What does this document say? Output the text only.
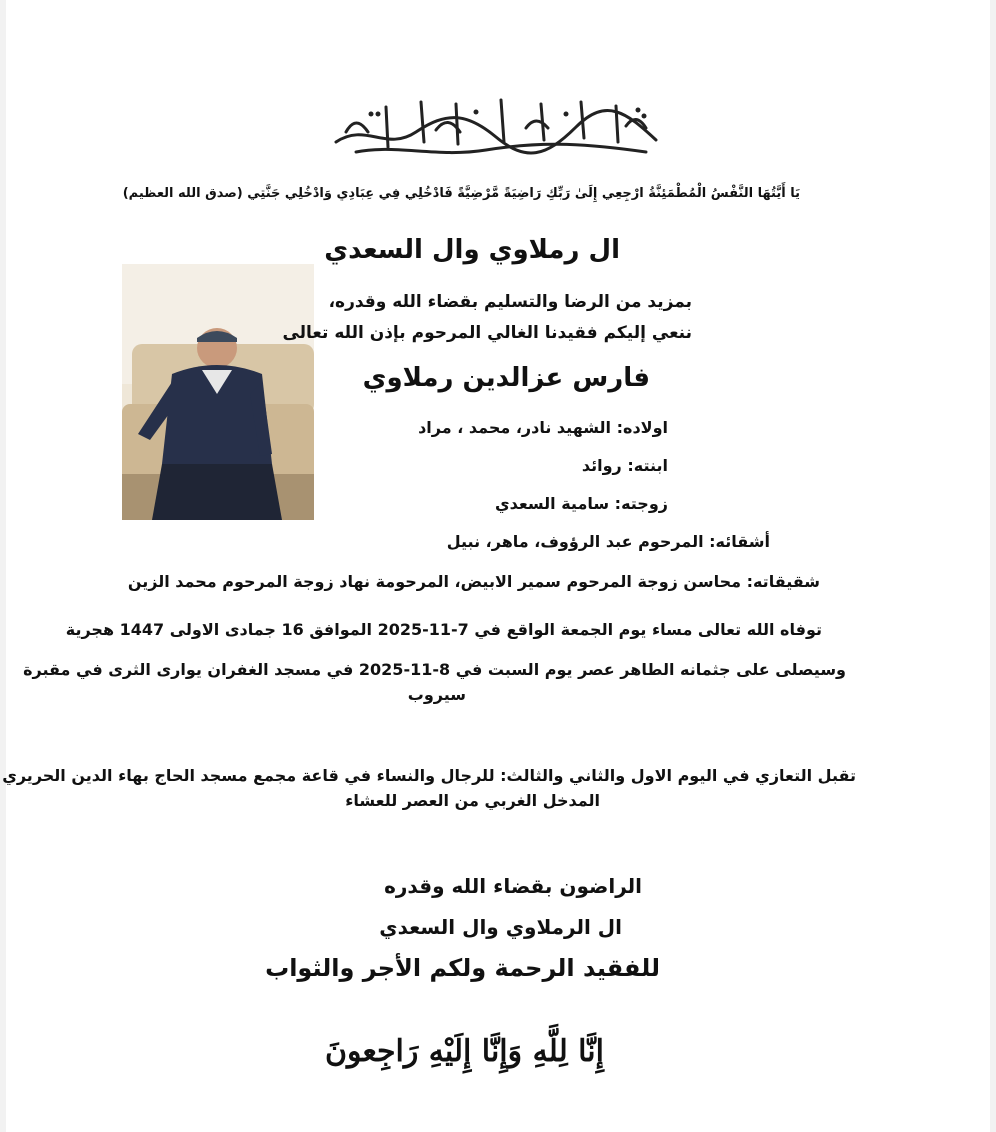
يَا أَيَّتُهَا النَّفْسُ الْمُطْمَئِنَّةُ ارْجِعِي إِلَىٰ رَبِّكِ رَاضِيَةً مَّرْضِيَّةً فَادْخُلِي فِي عِبَادِي وَادْخُلِي جَنَّتِي (صدق الله العظيم)
ال رملاوي وال السعدي
بمزيد من الرضا والتسليم بقضاء الله وقدره،
ننعي إليكم فقيدنا الغالي المرحوم بإذن الله تعالى
فارس عزالدين رملاوي
اولاده: الشهيد نادر، محمد ، مراد
ابنته: روائد
زوجته: سامية السعدي
أشقائه: المرحوم عبد الرؤوف، ماهر، نبيل
شقيقاته: محاسن زوجة المرحوم سمير الابيض، المرحومة نهاد زوجة المرحوم محمد الزين
توفاه الله تعالى مساء يوم الجمعة الواقع في 7-11-2025 الموافق 16 جمادى الاولى 1447 هجرية
وسيصلى على جثمانه الطاهر عصر يوم السبت في 8-11-2025 في مسجد الغفران يوارى الثرى في مقبرة
سيروب
تقبل التعازي في اليوم الاول والثاني والثالث: للرجال والنساء في قاعة مجمع مسجد الحاج بهاء الدين الحريري
المدخل الغربي من العصر للعشاء
الراضون بقضاء الله وقدره
ال الرملاوي وال السعدي
للفقيد الرحمة ولكم الأجر والثواب
إِنَّا لِلَّهِ وَإِنَّا إِلَيْهِ رَاجِعونَ
